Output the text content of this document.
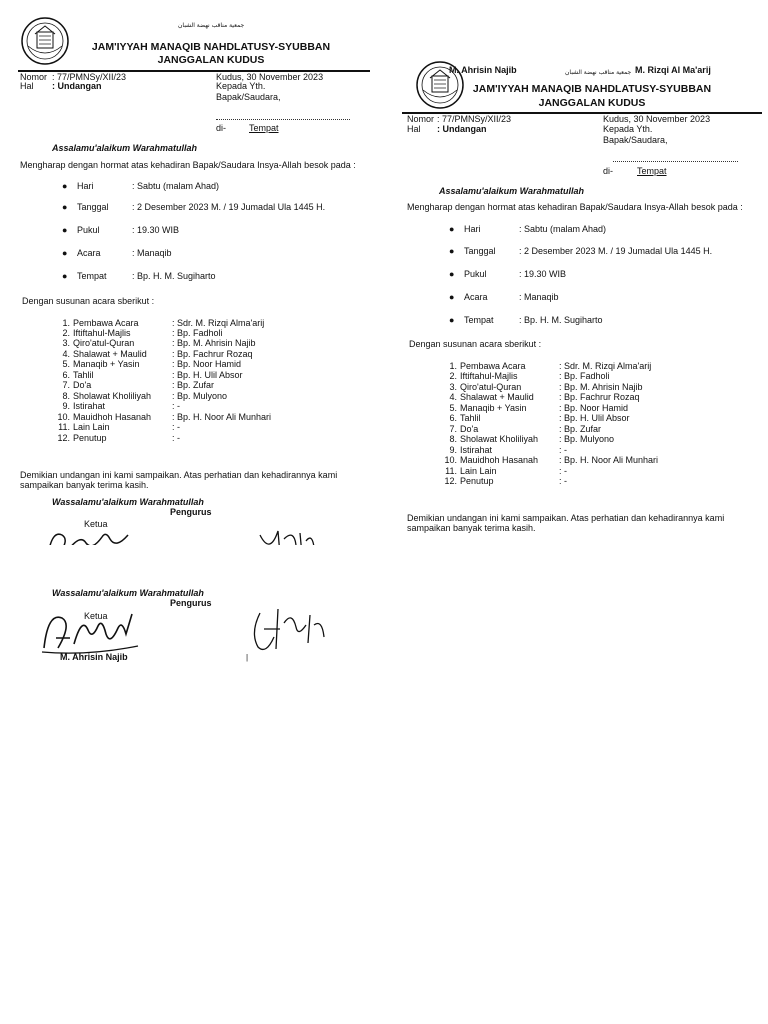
جمعية مناقب نهضة الشبان
JAM'IYYAH MANAQIB NAHDLATUSY-SYUBBAN
JANGGALAN KUDUS
Nomor : 77/PMNSy/XII/23
Hal : Undangan
Kudus, 30 November 2023
Kepada Yth.
Bapak/Saudara,
di-	Tempat
Assalamu'alaikum Warahmatullah
Mengharap dengan hormat atas kehadiran Bapak/Saudara Insya-Allah besok pada :
● Hari	: Sabtu (malam Ahad)
● Tanggal	: 2 Desember 2023 M. / 19 Jumadal Ula 1445 H.
● Pukul	: 19.30 WIB
● Acara	: Manaqib
● Tempat	: Bp. H. M. Sugiharto
Dengan susunan acara sberikut :
1. Pembawa Acara	: Sdr. M. Rizqi Alma'arij
2. Iftiftahul-Majlis	: Bp. Fadholi
3. Qiro'atul-Quran	: Bp. M. Ahrisin Najib
4. Shalawat + Maulid	: Bp. Fachrur Rozaq
5. Manaqib + Yasin	: Bp. Noor Hamid
6. Tahlil	: Bp. H. Ulil Absor
7. Do'a	: Bp. Zufar
8. Sholawat Kholiliyah : Bp. Mulyono
9. Istirahat	: -
10. Mauidhoh Hasanah : Bp. H. Noor Ali Munhari
11. Lain Lain	: -
12. Penutup	: -
Demikian undangan ini kami sampaikan. Atas perhatian dan kehadirannya kami
sampaikan banyak terima kasih.
Wassalamu'alaikum Warahmatullah
Pengurus
Ketua
Wassalamu'alaikum Warahmatullah
Pengurus
Ketua
|
M. Ahrisin Najib
M. Ahrisin Najib	جمعية مناقب نهضة الشبان M. Rizqi Al Ma'arij
JAM'IYYAH MANAQIB NAHDLATUSY-SYUBBAN
JANGGALAN KUDUS
Nomor : 77/PMNSy/XII/23
Hal : Undangan
Kudus, 30 November 2023
Kepada Yth.
Bapak/Saudara,
di-	Tempat
Assalamu'alaikum Warahmatullah
Mengharap dengan hormat atas kehadiran Bapak/Saudara Insya-Allah besok pada :
● Hari	: Sabtu (malam Ahad)
● Tanggal	: 2 Desember 2023 M. / 19 Jumadal Ula 1445 H.
● Pukul	: 19.30 WIB
● Acara	: Manaqib
● Tempat	: Bp. H. M. Sugiharto
Dengan susunan acara sberikut :
1. Pembawa Acara	: Sdr. M. Rizqi Alma'arij
2. Iftiftahul-Majlis	: Bp. Fadholi
3. Qiro'atul-Quran	: Bp. M. Ahrisin Najib
4. Shalawat + Maulid	: Bp. Fachrur Rozaq
5. Manaqib + Yasin	: Bp. Noor Hamid
6. Tahlil	: Bp. H. Ulil Absor
7. Do'a	: Bp. Zufar
8. Sholawat Kholiliyah : Bp. Mulyono
9. Istirahat	: -
10. Mauidhoh Hasanah : Bp. H. Noor Ali Munhari
11. Lain Lain	: -
12. Penutup	: -
Demikian undangan ini kami sampaikan. Atas perhatian dan kehadirannya kami
sampaikan banyak terima kasih.
